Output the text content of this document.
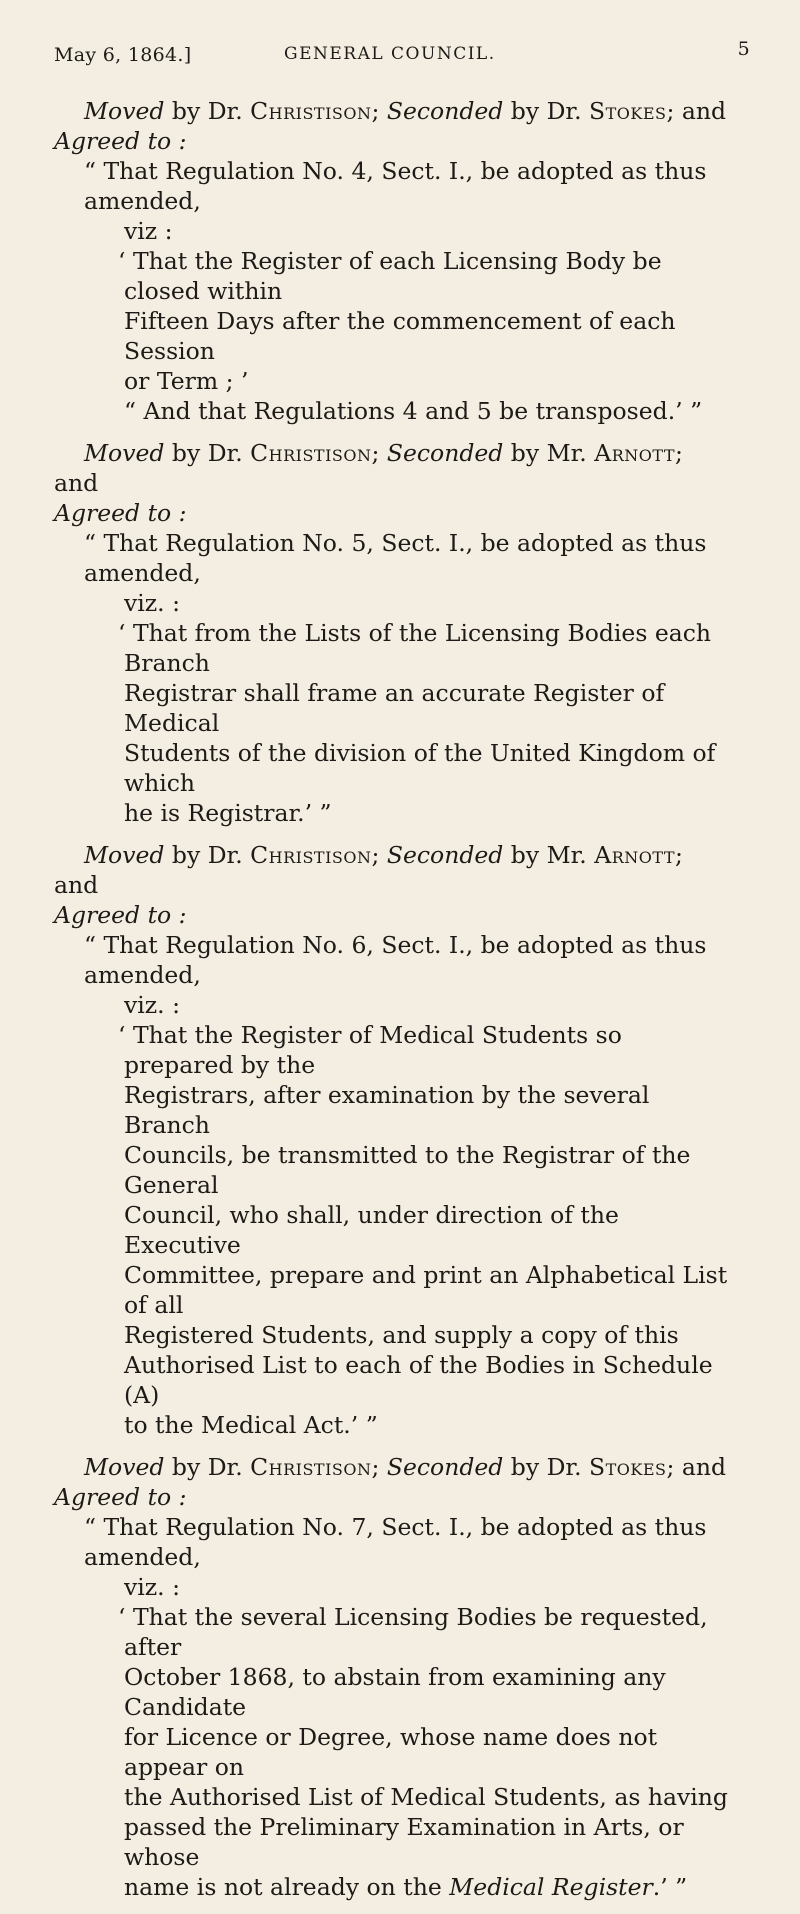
May 6, 1864.]	GENERAL COUNCIL.	5

Moved by Dr. Christison; Seconded by Dr. Stokes; and

Agreed to :

“ That Regulation No. 4, Sect. I., be adopted as thus amended,

viz :

‘ That the Register of each Licensing Body be closed within

Fifteen Days after the commencement of each Session

or Term ; ’

“ And that Regulations 4 and 5 be transposed.’ ”

Moved by Dr. Christison; Seconded by Mr. Arnott; and

Agreed to :

“ That Regulation No. 5, Sect. I., be adopted as thus amended,

viz. :

‘ That from the Lists of the Licensing Bodies each Branch

Registrar shall frame an accurate Register of Medical

Students of the division of the United Kingdom of which

he is Registrar.’ ”

Moved by Dr. Christison; Seconded by Mr. Arnott; and

Agreed to :

“ That Regulation No. 6, Sect. I., be adopted as thus amended,

viz. :

‘ That the Register of Medical Students so prepared by the

Registrars, after examination by the several Branch

Councils, be transmitted to the Registrar of the General

Council, who shall, under direction of the Executive

Committee, prepare and print an Alphabetical List of all

Registered Students, and supply a copy of this

Authorised List to each of the Bodies in Schedule (A)

to the Medical Act.’ ”

Moved by Dr. Christison; Seconded by Dr. Stokes; and

Agreed to :

“ That Regulation No. 7, Sect. I., be adopted as thus amended,

viz. :

‘ That the several Licensing Bodies be requested, after

October 1868, to abstain from examining any Candidate

for Licence or Degree, whose name does not appear on

the Authorised List of Medical Students, as having

passed the Preliminary Examination in Arts, or whose

name is not already on the Medical Register.’ ”
